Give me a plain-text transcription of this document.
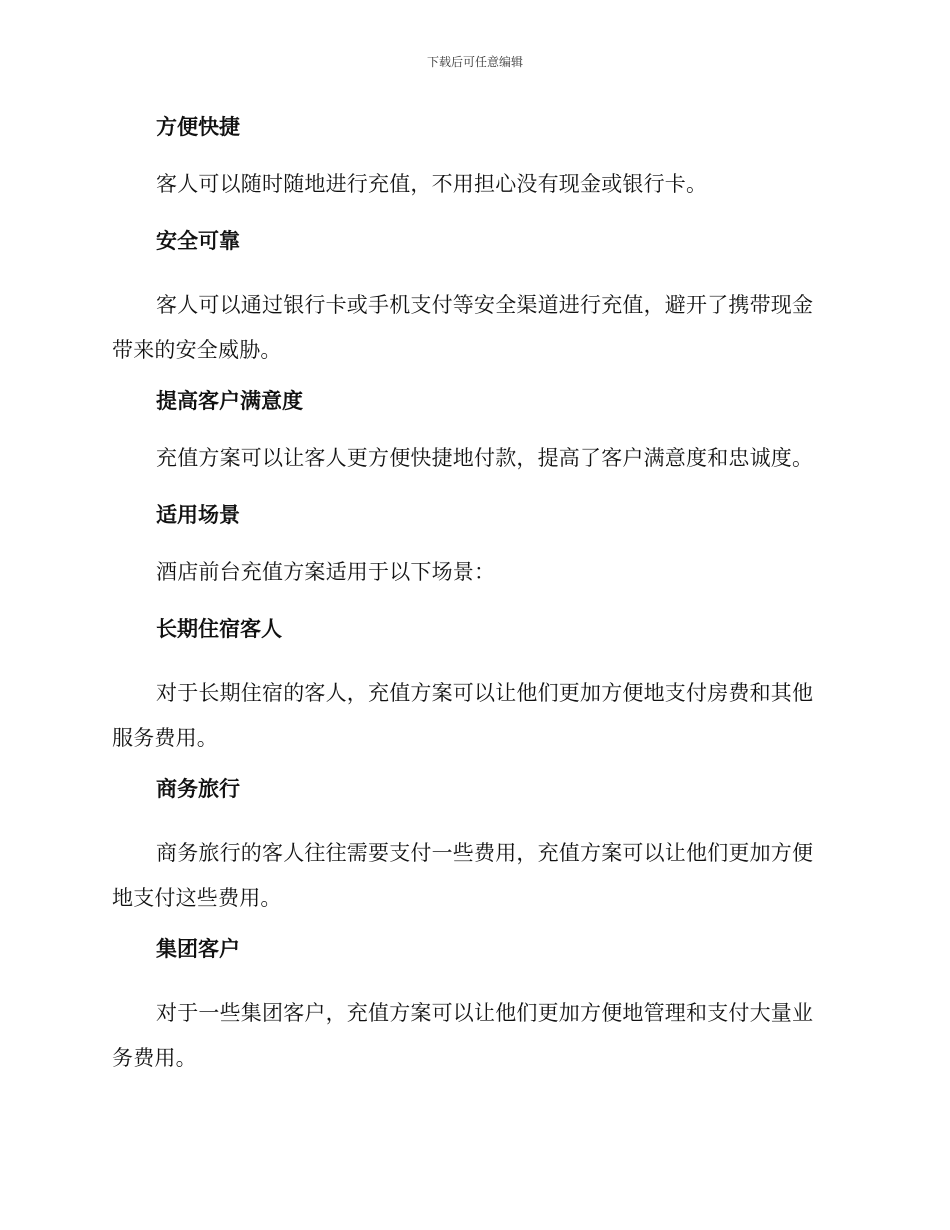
下载后可任意编辑
方便快捷
客人可以随时随地进行充值，不用担心没有现金或银行卡。
安全可靠
客人可以通过银行卡或手机支付等安全渠道进行充值，避开了携带现金带来的安全威胁。
提高客户满意度
充值方案可以让客人更方便快捷地付款，提高了客户满意度和忠诚度。
适用场景
酒店前台充值方案适用于以下场景：
长期住宿客人
对于长期住宿的客人，充值方案可以让他们更加方便地支付房费和其他服务费用。
商务旅行
商务旅行的客人往往需要支付一些费用，充值方案可以让他们更加方便地支付这些费用。
集团客户
对于一些集团客户，充值方案可以让他们更加方便地管理和支付大量业务费用。
